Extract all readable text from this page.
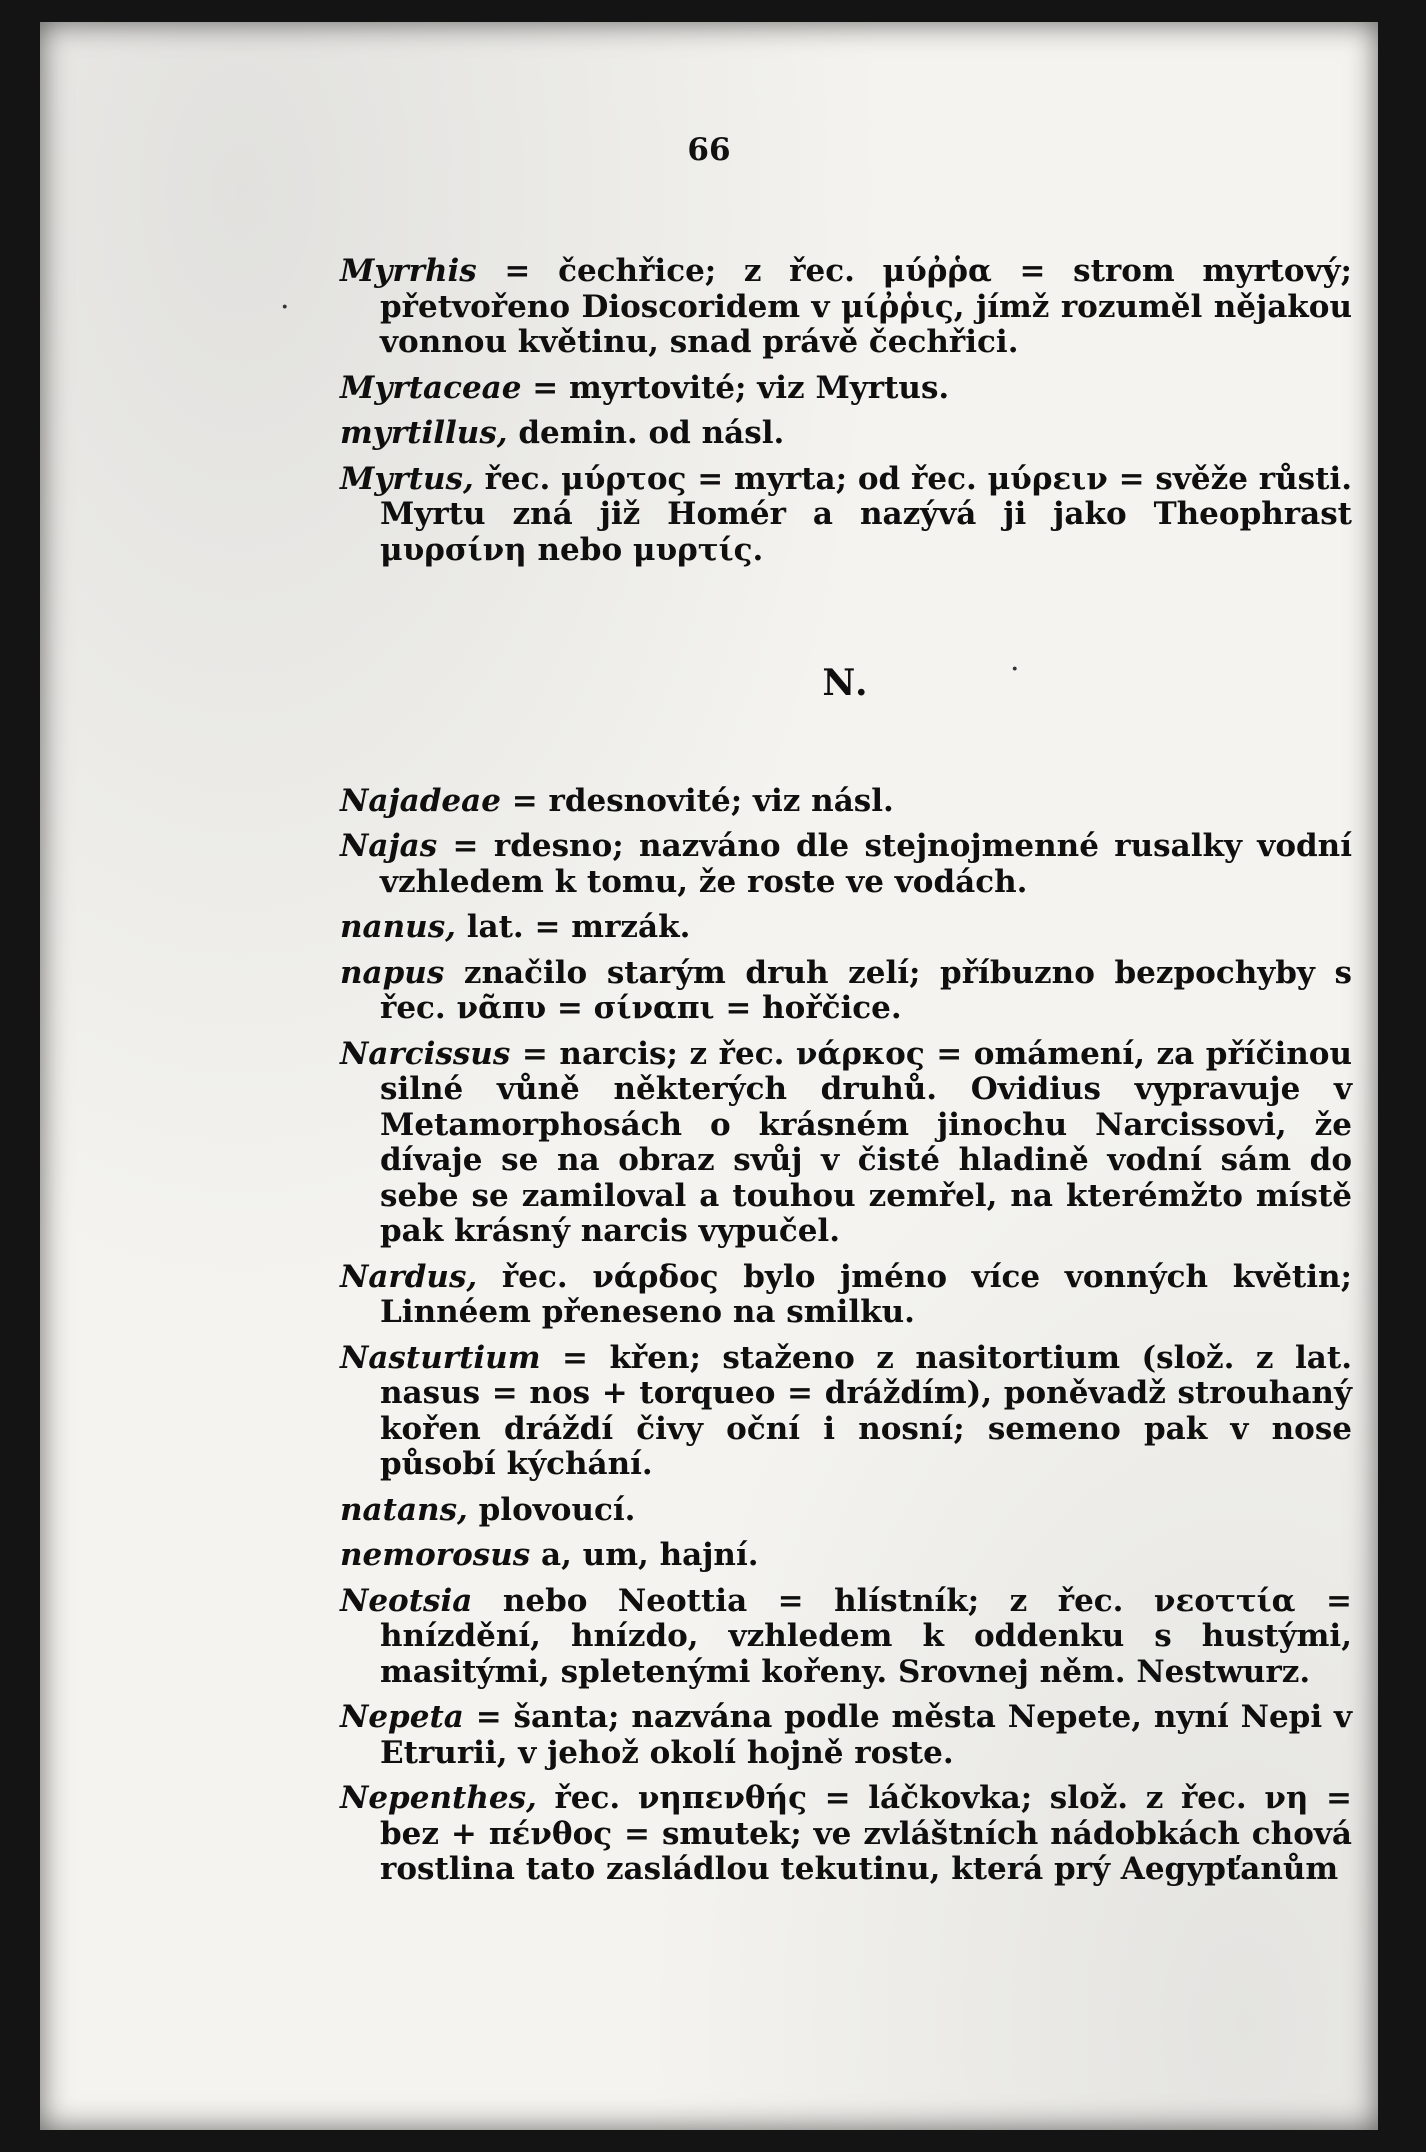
66
·
·
Myrrhis = čechřice; z řec. μύῤῥα = strom myrtový; přetvořeno Dioscoridem v μίῤῥις, jímž rozuměl nějakou vonnou květinu, snad právě čechřici.
Myrtaceae = myrtovité; viz Myrtus.
myrtillus, demin. od násl.
Myrtus, řec. μύρτος = myrta; od řec. μύρειν = svěže růsti. Myrtu zná již Homér a nazývá ji jako Theophrast μυρσίνη nebo μυρτίς.
N.
Najadeae = rdesnovité; viz násl.
Najas = rdesno; nazváno dle stejnojmenné rusalky vodní vzhledem k tomu, že roste ve vodách.
nanus, lat. = mrzák.
napus značilo starým druh zelí; příbuzno bezpochyby s řec. νᾶπυ = σίναπι = hořčice.
Narcissus = narcis; z řec. νάρκος = omámení, za příčinou silné vůně některých druhů. Ovidius vypravuje v Metamorphosách o krásném jinochu Narcissovi, že dívaje se na obraz svůj v čisté hladině vodní sám do sebe se zamiloval a touhou zemřel, na kterémžto místě pak krásný narcis vypučel.
Nardus, řec. νάρδος bylo jméno více vonných květin; Linnéem přeneseno na smilku.
Nasturtium = křen; staženo z nasitortium (slož. z lat. nasus = nos + torqueo = dráždím), poněvadž strouhaný kořen dráždí čivy oční i nosní; semeno pak v nose působí kýchání.
natans, plovoucí.
nemorosus a, um, hajní.
Neotsia nebo Neottia = hlístník; z řec. νεοττία = hnízdění, hnízdo, vzhledem k oddenku s hustými, masitými, spletenými kořeny. Srovnej něm. Nestwurz.
Nepeta = šanta; nazvána podle města Nepete, nyní Nepi v Etrurii, v jehož okolí hojně roste.
Nepenthes, řec. νηπενθής = láčkovka; slož. z řec. νη = bez + πένθος = smutek; ve zvláštních nádobkách chová rostlina tato zasládlou tekutinu, která prý Aegypťanům
